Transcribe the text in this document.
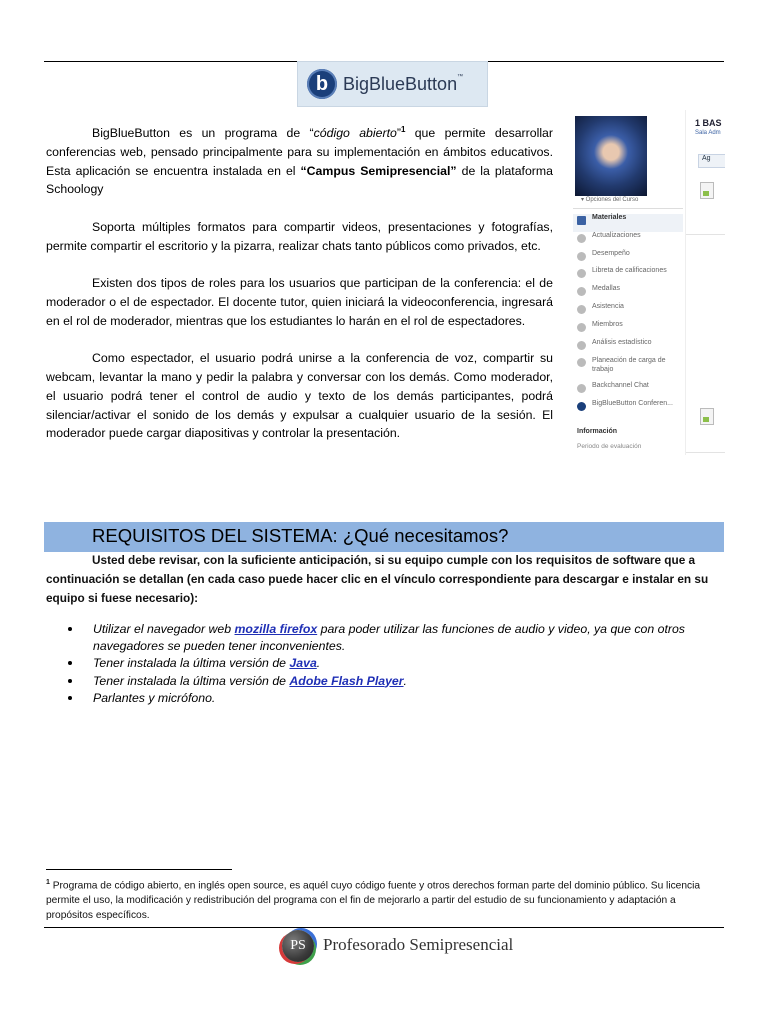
b BigBlueButton™

BigBlueButton es un programa de “código abierto”$^1$ que permite desarrollar conferencias web, pensado principalmente para su implementación en ámbitos educativos. Esta aplicación se encuentra instalada en el “Campus Semipresencial” de la plataforma Schoology

Soporta múltiples formatos para compartir videos, presentaciones y fotografías, permite compartir el escritorio y la pizarra, realizar chats tanto públicos como privados, etc.

Existen dos tipos de roles para los usuarios que participan de la conferencia: el de moderador o el de espectador. El docente tutor, quien iniciará la videoconferencia, ingresará en el rol de moderador, mientras que los estudiantes lo harán en el rol de espectadores.

Como espectador, el usuario podrá unirse a la conferencia de voz, compartir su webcam, levantar la mano y pedir la palabra y conversar con los demás. Como moderador, el usuario podrá tener el control de audio y texto de los demás participantes, podrá silenciar/activar el sonido de los demás y expulsar a cualquier usuario de la sesión. El moderador puede cargar diapositivas y controlar la presentación.

▾ Opciones del Curso
Materiales
Actualizaciones
Desempeño
Libreta de calificaciones
Medallas
Asistencia
Miembros
Análisis estadístico
Planeación de carga de trabajo
Backchannel Chat
BigBlueButton Conferen...
Información
Periodo de evaluación
1 BAS
Sala Adm
Ag
REQUISITOS DEL SISTEMA: ¿Qué necesitamos?
Usted debe revisar, con la suficiente anticipación, si su equipo cumple con los requisitos de software que a continuación se detallan (en cada caso puede hacer clic en el vínculo correspondiente para descargar e instalar en su equipo si fuese necesario):
Utilizar el navegador web mozilla firefox para poder utilizar las funciones de audio y video, ya que con otros navegadores se pueden tener inconvenientes.
Tener instalada la última versión de Java.
Tener instalada la última versión de Adobe Flash Player.
Parlantes y micrófono.
$^1$ Programa de código abierto, en inglés open source, es aquél cuyo código fuente y otros derechos forman parte del dominio público. Su licencia permite el uso, la modificación y redistribución del programa con el fin de mejorarlo a partir del estudio de su funcionamiento y adaptación a propósitos específicos.
PS	Profesorado Semipresencial
